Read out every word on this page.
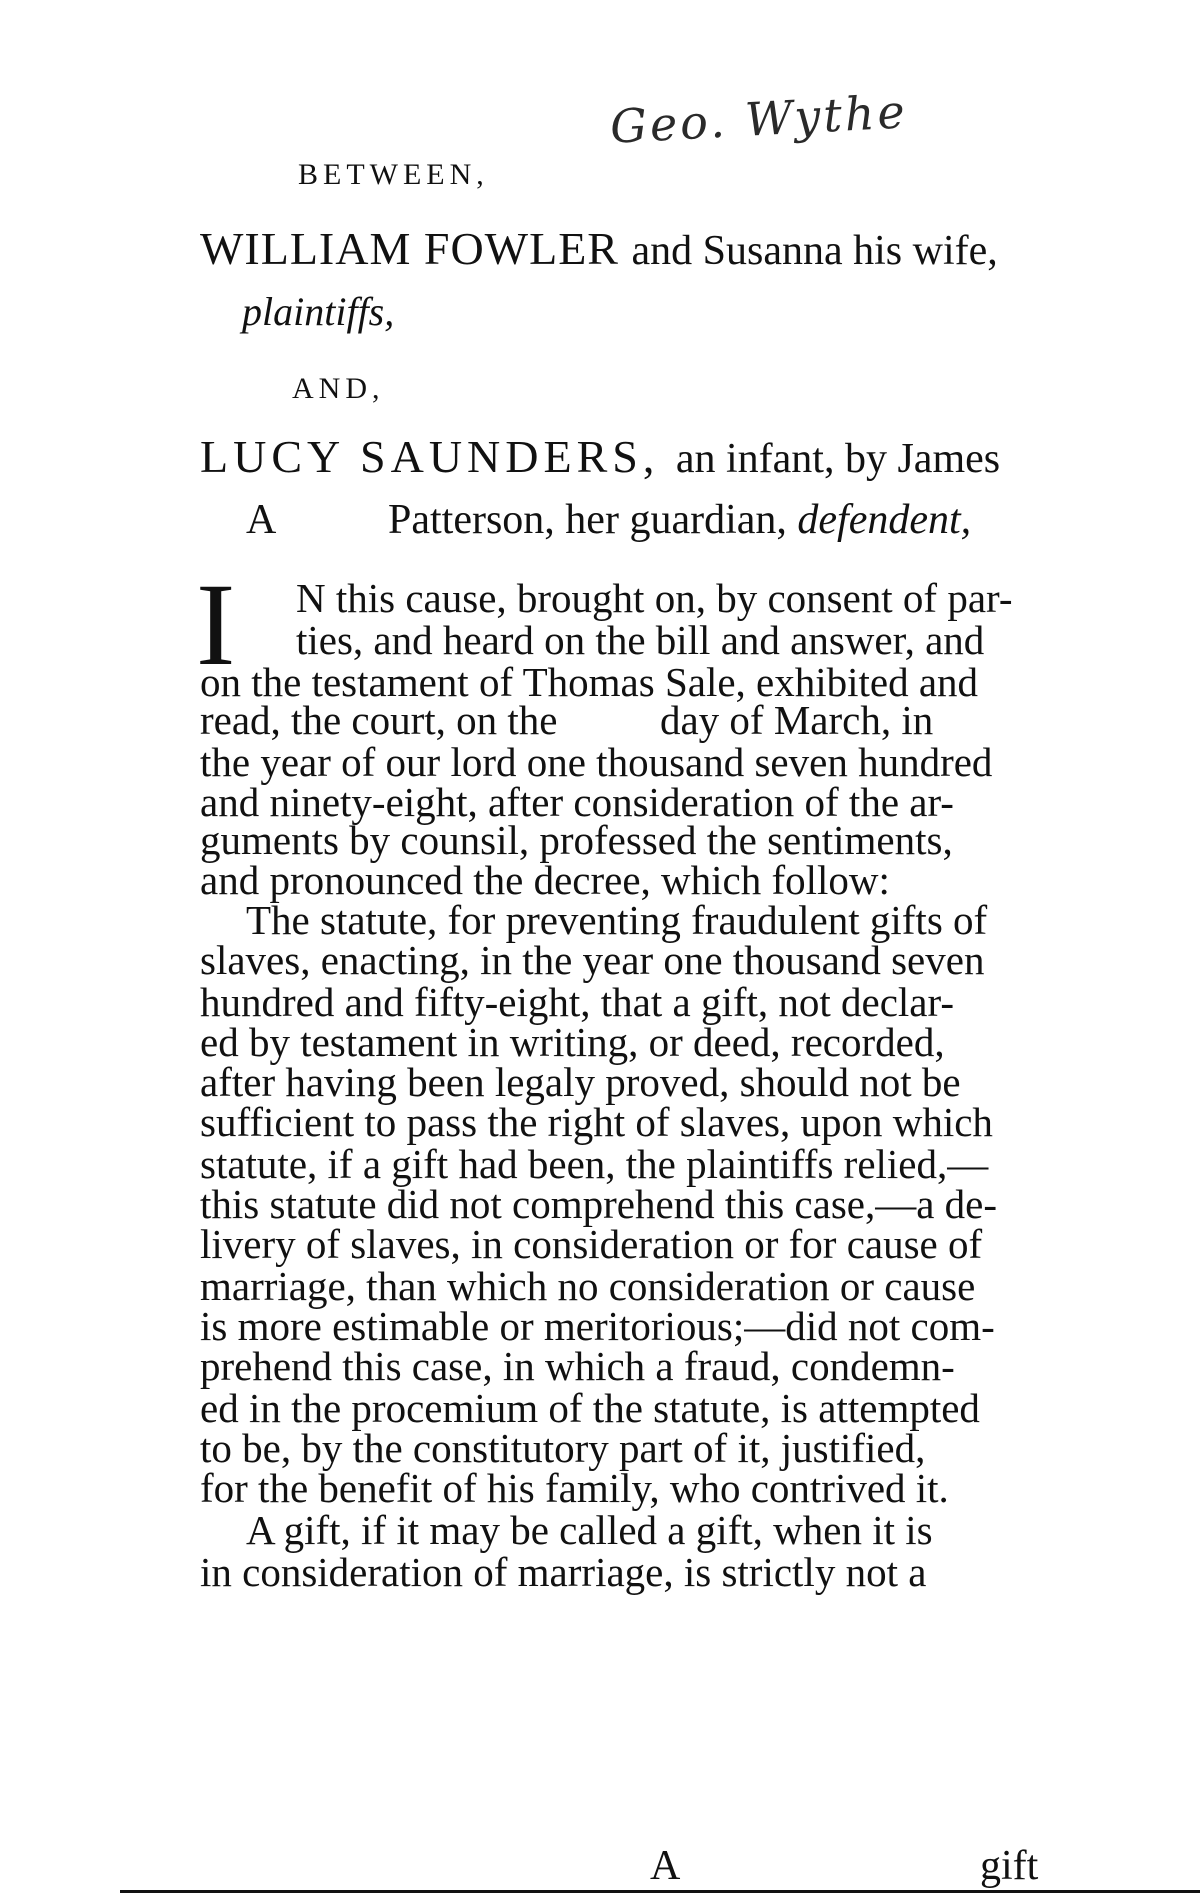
Geo. Wythe
BETWEEN,
WILLIAM FOWLER and Susanna his wife,
plaintiffs,
AND,
LUCY SAUNDERS, an infant, by James
A	Patterson, her guardian, defendent,
I N this cause, brought on, by consent of par-
ties, and heard on the bill and answer, and
on the testament of Thomas Sale, exhibited and
read, the court, on the          day of March, in
the year of our lord one thousand seven hundred
and ninety-eight, after consideration of the ar-
guments by counsil, professed the sentiments,
and pronounced the decree, which follow:
The statute, for preventing fraudulent gifts of
slaves, enacting, in the year one thousand seven
hundred and fifty-eight, that a gift, not declar-
ed by testament in writing, or deed, recorded,
after having been legaly proved, should not be
sufficient to pass the right of slaves, upon which
statute, if a gift had been, the plaintiffs relied,—
this statute did not comprehend this case,—a de-
livery of slaves, in consideration or for cause of
marriage, than which no consideration or cause
is more estimable or meritorious;—did not com-
prehend this case, in which a fraud, condemn-
ed in the procemium of the statute, is attempted
to be, by the constitutory part of it, justified,
for the benefit of his family, who contrived it.
A gift, if it may be called a gift, when it is
in consideration of marriage, is strictly not a
A	gift
